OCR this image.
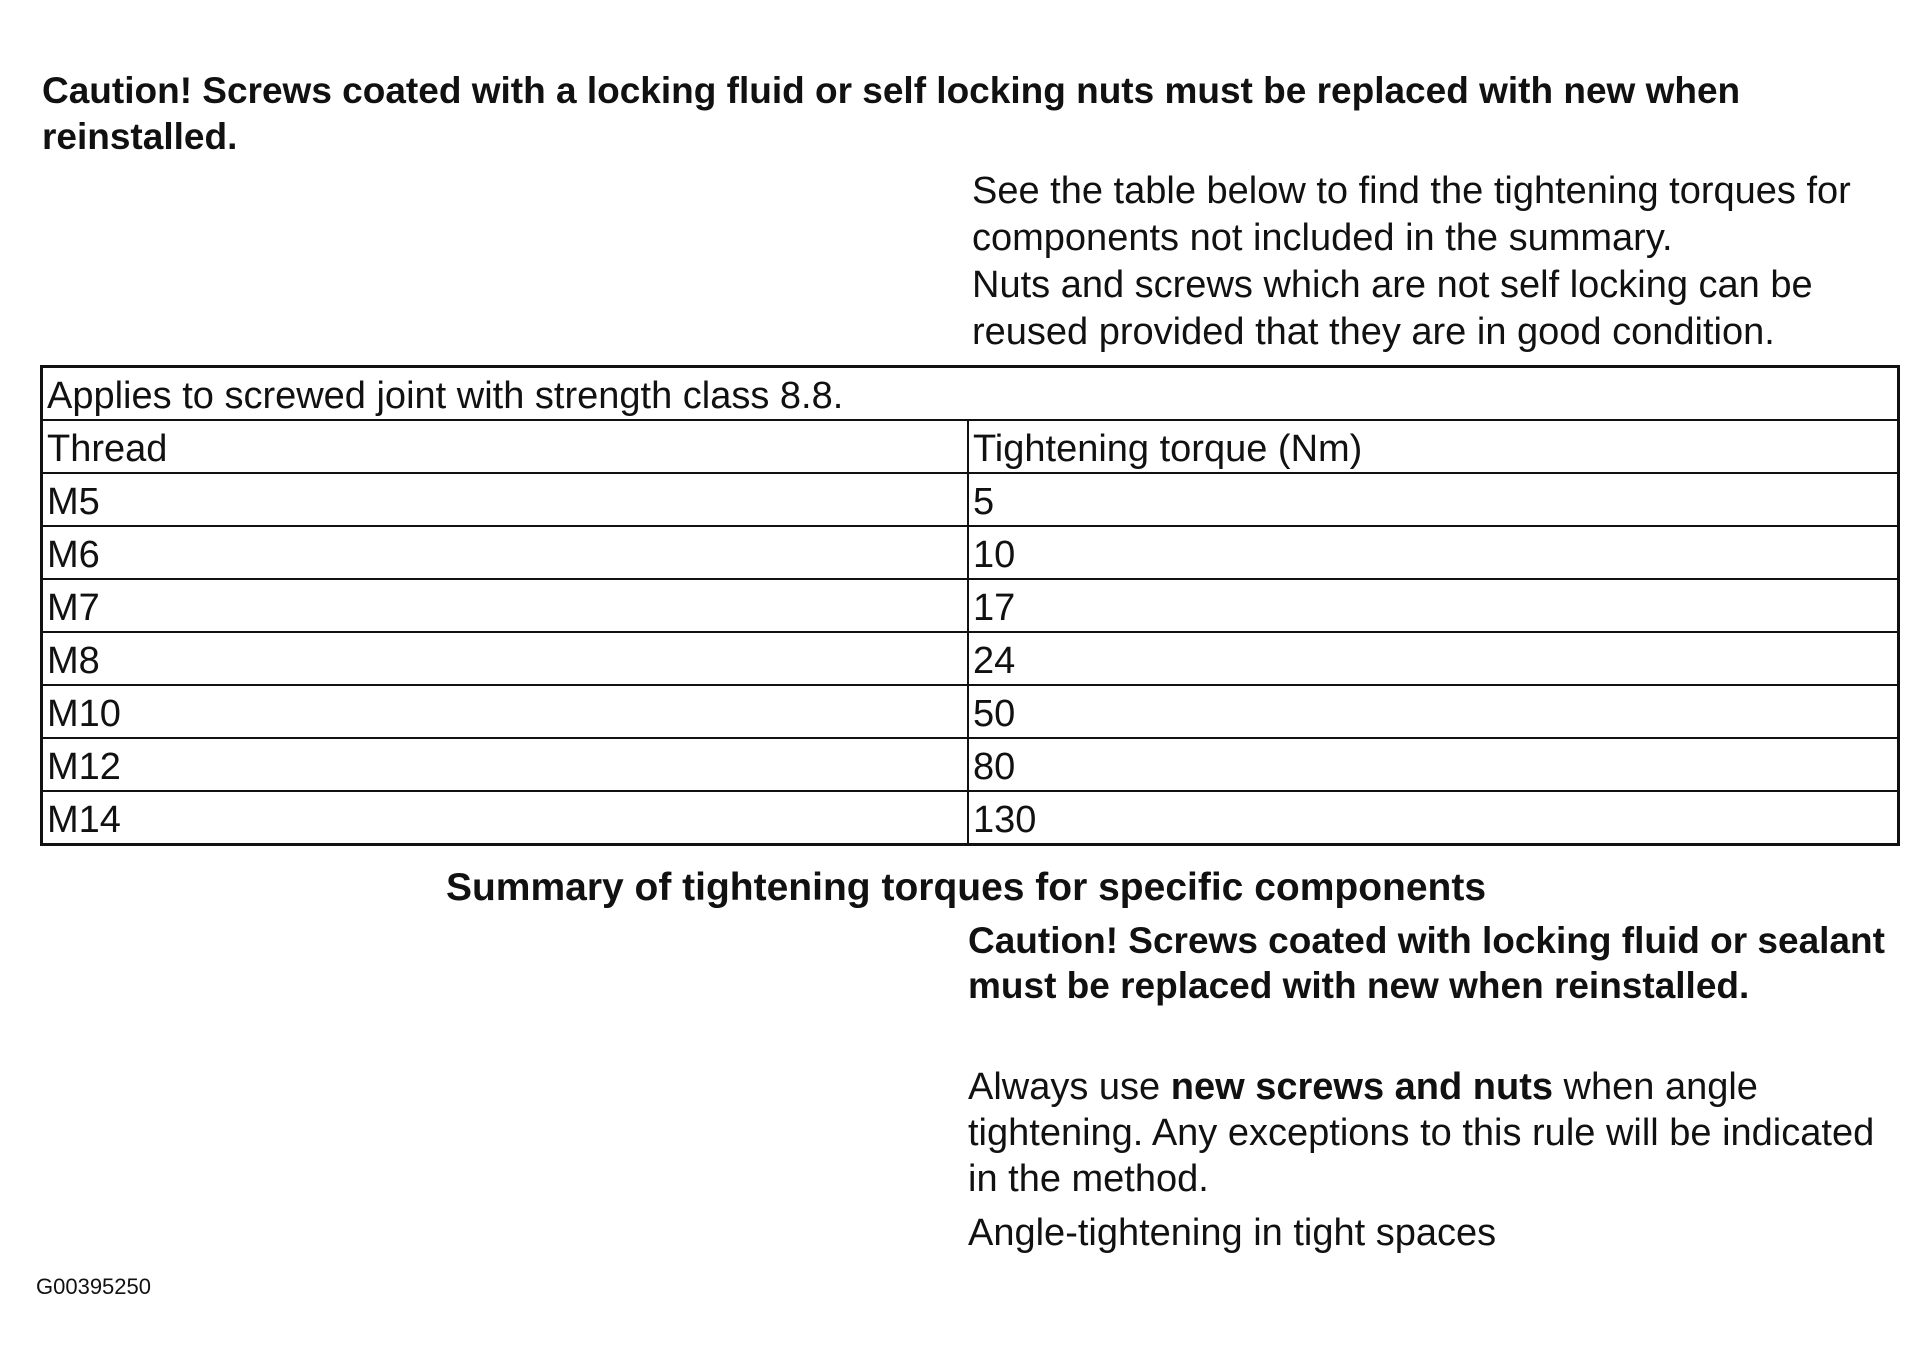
Caution! Screws coated with a locking fluid or self locking nuts must be replaced with new when reinstalled.

See the table below to find the tightening torques for components not included in the summary.

Nuts and screws which are not self locking can be reused provided that they are in good condition.

Applies to screwed joint with strength class 8.8.	
Thread	Tightening torque (Nm)
M5	5
M6	10
M7	17
M8	24
M10	50
M12	80
M14	130
Summary of tightening torques for specific components

Caution! Screws coated with locking fluid or sealant must be replaced with new when reinstalled.

Always use new screws and nuts when angle tightening. Any exceptions to this rule will be indicated in the method.

Angle-tightening in tight spaces

G00395250
